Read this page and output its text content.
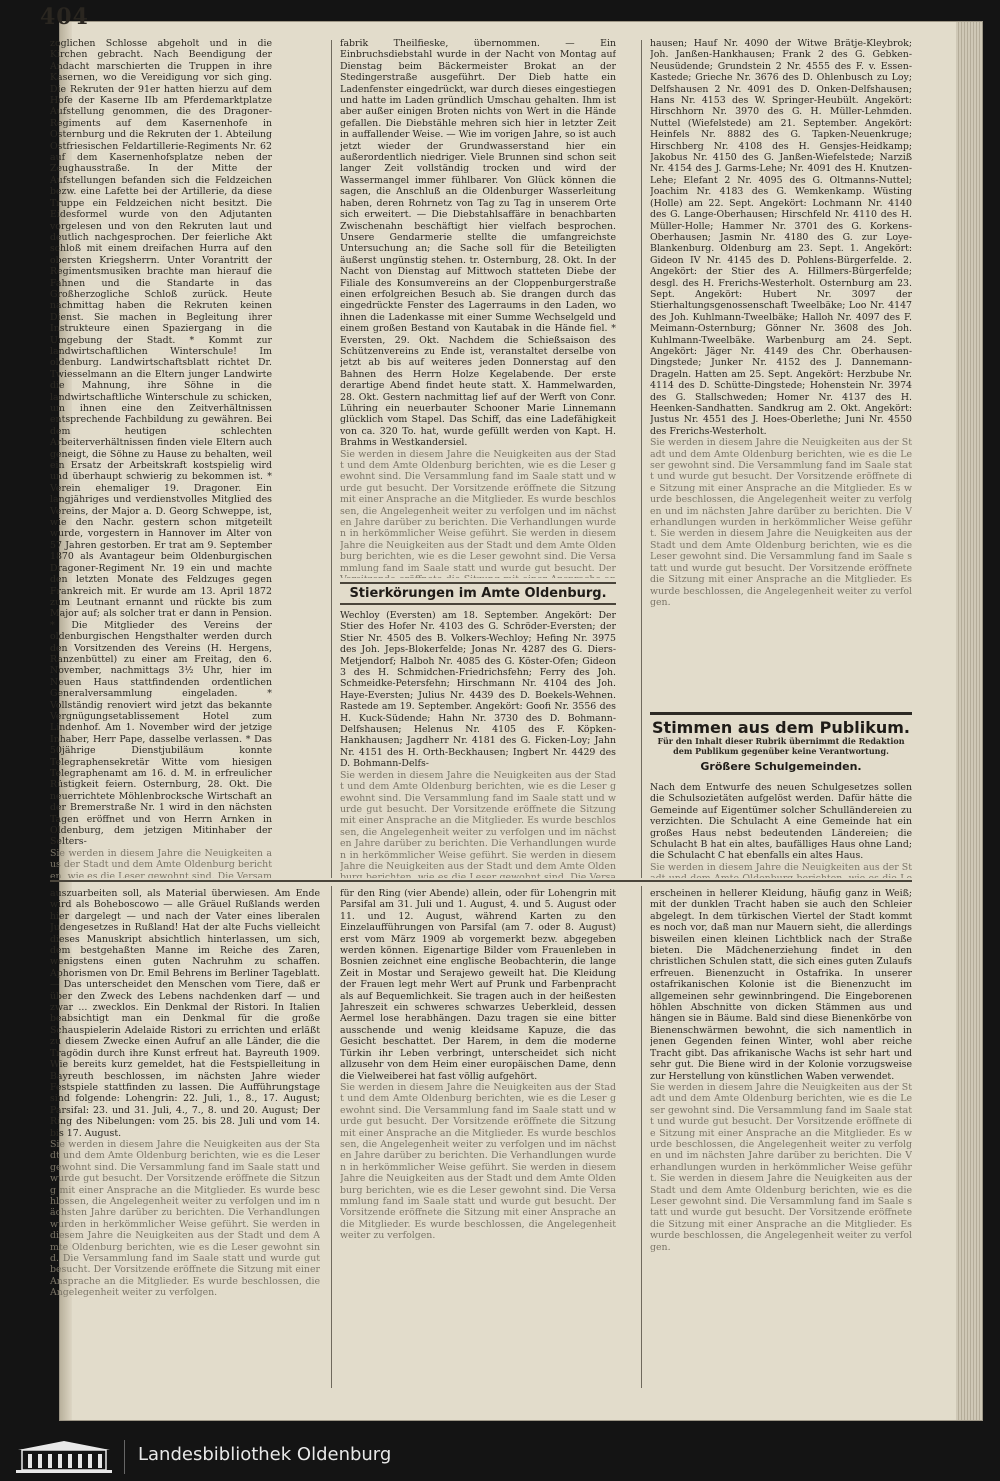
404
zoglichen Schlosse abgeholt und in die Kirchen gebracht. Nach Beendigung der Andacht marschierten die Truppen in ihre Kasernen, wo die Vereidigung vor sich ging. Die Rekruten der 91er hatten hierzu auf dem Hofe der Kaserne IIb am Pferdemarktplatze Aufstellung genommen, die des Dragoner-Regiments auf dem Kasernenhofe in Osternburg und die Rekruten der 1. Abteilung Ostfriesischen Feldartillerie-Regiments Nr. 62 auf dem Kasernenhofsplatze neben der Zeughausstraße. In der Mitte der Aufstellungen befanden sich die Feldzeichen bezw. eine Lafette bei der Artillerie, da diese Truppe ein Feldzeichen nicht besitzt. Die Eidesformel wurde von den Adjutanten vorgelesen und von den Rekruten laut und deutlich nachgesprochen. Der feierliche Akt schloß mit einem dreifachen Hurra auf den obersten Kriegsherrn. Unter Vorantritt der Regimentsmusiken brachte man hierauf die Fahnen und die Standarte in das Großherzogliche Schloß zurück. Heute nachmittag haben die Rekruten keinen Dienst. Sie machen in Begleitung ihrer Instrukteure einen Spaziergang in die Umgebung der Stadt. * Kommt zur landwirtschaftlichen Winterschule! Im oldenburg. Landwirtschaftsblatt richtet Dr. Twiesselmann an die Eltern junger Landwirte die Mahnung, ihre Söhne in die landwirtschaftliche Winterschule zu schicken, um ihnen eine den Zeitverhältnissen entsprechende Fachbildung zu gewähren. Bei dem heutigen schlechten Arbeiterverhältnissen finden viele Eltern auch geneigt, die Söhne zu Hause zu behalten, weil ein Ersatz der Arbeitskraft kostspielig wird und überhaupt schwierig zu bekommen ist. * Verein ehemaliger 19. Dragoner. Ein langjähriges und verdienstvolles Mitglied des Vereins, der Major a. D. Georg Schweppe, ist, wie den Nachr. gestern schon mitgeteilt wurde, vorgestern in Hannover im Alter von 57 Jahren gestorben. Er trat am 9. September 1870 als Avantageur beim Oldenburgischen Dragoner-Regiment Nr. 19 ein und machte den letzten Monate des Feldzuges gegen Frankreich mit. Er wurde am 13. April 1872 zum Leutnant ernannt und rückte bis zum Major auf; als solcher trat er dann in Pension. * Die Mitglieder des Vereins der oldenburgischen Hengsthalter werden durch den Vorsitzenden des Vereins (H. Hergens, Ranzenbüttel) zu einer am Freitag, den 6. November, nachmittags 3½ Uhr, hier im Neuen Haus stattfindenden ordentlichen Generalversammlung eingeladen. * Vollständig renoviert wird jetzt das bekannte Vergnügungsetablissement Hotel zum Lindenhof. Am 1. November wird der jetzige Inhaber, Herr Pape, dasselbe verlassen. * Das 50jährige Dienstjubiläum konnte Telegraphensekretär Witte vom hiesigen Telegraphenamt am 16. d. M. in erfreulicher Rüstigkeit feiern. Osternburg, 28. Okt. Die neuerrichtete Möhlenbrocksche Wirtschaft an der Bremerstraße Nr. 1 wird in den nächsten Tagen eröffnet und von Herrn Arnken in Oldenburg, dem jetzigen Mitinhaber der Selters-
Sie werden in diesem Jahre die Neuigkeiten aus der Stadt und dem Amte Oldenburg berichten, wie es die Leser gewohnt sind. Die Versammlung fand im Saale statt und wurde gut besucht. Der Vorsitzende eröffnete die Sitzung mit einer Ansprache an die Mitglieder. Es wurde beschlossen, die Angelegenheit weiter zu verfolgen und im nächsten Jahre darüber zu berichten. Die Verhandlungen wurden in herkömmlicher Weise geführt. Sie werden in diesem Jahre die Neuigkeiten aus der Stadt und dem Amte Oldenburg berichten, wie es die Leser gewohnt sind. Die Versammlung fand im Saale statt und wurde gut besucht. Der Vorsitzende eröffnete die Sitzung mit einer Ansprache an die Mitglieder. Es wurde beschlossen, die Angelegenheit weiter zu verfolgen.
fabrik Theilfieske, übernommen. — Ein Einbruchsdiebstahl wurde in der Nacht von Montag auf Dienstag beim Bäckermeister Brokat an der Stedingerstraße ausgeführt. Der Dieb hatte ein Ladenfenster eingedrückt, war durch dieses eingestiegen und hatte im Laden gründlich Umschau gehalten. Ihm ist aber außer einigen Broten nichts von Wert in die Hände gefallen. Die Diebstähle mehren sich hier in letzter Zeit in auffallender Weise. — Wie im vorigen Jahre, so ist auch jetzt wieder der Grundwasserstand hier ein außerordentlich niedriger. Viele Brunnen sind schon seit langer Zeit vollständig trocken und wird der Wassermangel immer fühlbarer. Von Glück können die sagen, die Anschluß an die Oldenburger Wasserleitung haben, deren Rohrnetz von Tag zu Tag in unserem Orte sich erweitert. — Die Diebstahlsaffäre in benachbarten Zwischenahn beschäftigt hier vielfach besprochen. Unsere Gendarmerie stellte die umfangreichste Untersuchung an; die Sache soll für die Beteiligten äußerst ungünstig stehen. tr. Osternburg, 28. Okt. In der Nacht von Dienstag auf Mittwoch statteten Diebe der Filiale des Konsumvereins an der Cloppenburgerstraße einen erfolgreichen Besuch ab. Sie drangen durch das eingedrückte Fenster des Lagerraums in den Laden, wo ihnen die Ladenkasse mit einer Summe Wechselgeld und einem großen Bestand von Kautabak in die Hände fiel. * Eversten, 29. Okt. Nachdem die Schießsaison des Schützenvereins zu Ende ist, veranstaltet derselbe von jetzt ab bis auf weiteres jeden Donnerstag auf den Bahnen des Herrn Holze Kegelabende. Der erste derartige Abend findet heute statt. X. Hammelwarden, 28. Okt. Gestern nachmittag lief auf der Werft von Conr. Lühring ein neuerbauter Schooner Marie Linnemann glücklich vom Stapel. Das Schiff, das eine Ladefähigkeit von ca. 320 To. hat, wurde gefüllt werden von Kapt. H. Brahms in Westkandersiel.
Sie werden in diesem Jahre die Neuigkeiten aus der Stadt und dem Amte Oldenburg berichten, wie es die Leser gewohnt sind. Die Versammlung fand im Saale statt und wurde gut besucht. Der Vorsitzende eröffnete die Sitzung mit einer Ansprache an die Mitglieder. Es wurde beschlossen, die Angelegenheit weiter zu verfolgen und im nächsten Jahre darüber zu berichten. Die Verhandlungen wurden in herkömmlicher Weise geführt. Sie werden in diesem Jahre die Neuigkeiten aus der Stadt und dem Amte Oldenburg berichten, wie es die Leser gewohnt sind. Die Versammlung fand im Saale statt und wurde gut besucht. Der Vorsitzende eröffnete die Sitzung mit einer Ansprache an die Mitglieder. Es wurde beschlossen, die Angelegenheit weiter zu verfolgen.
hausen; Hauf Nr. 4090 der Witwe Brätje-Kleybrok; Joh. Janßen-Hankhausen; Frank 2 des G. Gebken-Neusüdende; Grundstein 2 Nr. 4555 des F. v. Essen-Kastede; Grieche Nr. 3676 des D. Ohlenbusch zu Loy; Delfshausen 2 Nr. 4091 des D. Onken-Delfshausen; Hans Nr. 4153 des W. Springer-Heubült. Angekört: Hirschhorn Nr. 3970 des G. H. Müller-Lehmden. Nuttel (Wiefelstede) am 21. September. Angekört: Heinfels Nr. 8882 des G. Tapken-Neuenkruge; Hirschberg Nr. 4108 des H. Gensjes-Heidkamp; Jakobus Nr. 4150 des G. Janßen-Wiefelstede; Narziß Nr. 4154 des J. Garms-Lehe; Nr. 4091 des H. Knutzen-Lehe; Elefant 2 Nr. 4095 des G. Oltmanns-Nuttel; Joachim Nr. 4183 des G. Wemkenkamp. Wüsting (Holle) am 22. Sept. Angekört: Lochmann Nr. 4140 des G. Lange-Oberhausen; Hirschfeld Nr. 4110 des H. Müller-Holle; Hammer Nr. 3701 des G. Korkens-Oberhausen; Jasmin Nr. 4180 des G. zur Loye-Blankenburg. Oldenburg am 23. Sept. 1. Angekört: Gideon IV Nr. 4145 des D. Pohlens-Bürgerfelde. 2. Angekört: der Stier des A. Hillmers-Bürgerfelde; desgl. des H. Frerichs-Westerholt. Osternburg am 23. Sept. Angekört: Hubert Nr. 3097 der Stierhaltungsgenossenschaft Tweelbäke; Loo Nr. 4147 des Joh. Kuhlmann-Tweelbäke; Halloh Nr. 4097 des F. Meimann-Osternburg; Gönner Nr. 3608 des Joh. Kuhlmann-Tweelbäke. Warbenburg am 24. Sept. Angekört: Jäger Nr. 4149 des Chr. Oberhausen-Dingstede; Junker Nr. 4152 des J. Dannemann-Drageln. Hatten am 25. Sept. Angekört: Herzbube Nr. 4114 des D. Schütte-Dingstede; Hohenstein Nr. 3974 des G. Stallschweden; Homer Nr. 4137 des H. Heenken-Sandhatten. Sandkrug am 2. Okt. Angekört: Justus Nr. 4551 des J. Hoes-Oberlethe; Juni Nr. 4550 des Frerichs-Westerholt.
Sie werden in diesem Jahre die Neuigkeiten aus der Stadt und dem Amte Oldenburg berichten, wie es die Leser gewohnt sind. Die Versammlung fand im Saale statt und wurde gut besucht. Der Vorsitzende eröffnete die Sitzung mit einer Ansprache an die Mitglieder. Es wurde beschlossen, die Angelegenheit weiter zu verfolgen und im nächsten Jahre darüber zu berichten. Die Verhandlungen wurden in herkömmlicher Weise geführt. Sie werden in diesem Jahre die Neuigkeiten aus der Stadt und dem Amte Oldenburg berichten, wie es die Leser gewohnt sind. Die Versammlung fand im Saale statt und wurde gut besucht. Der Vorsitzende eröffnete die Sitzung mit einer Ansprache an die Mitglieder. Es wurde beschlossen, die Angelegenheit weiter zu verfolgen.
Stierkörungen im Amte Oldenburg.
Wechloy (Eversten) am 18. September. Angekört: Der Stier des Hofer Nr. 4103 des G. Schröder-Eversten; der Stier Nr. 4505 des B. Volkers-Wechloy; Hefing Nr. 3975 des Joh. Jeps-Blokerfelde; Jonas Nr. 4287 des G. Diers-Metjendorf; Halboh Nr. 4085 des G. Köster-Ofen; Gideon 3 des H. Schmidchen-Friedrichsfehn; Ferry des Joh. Schmeidke-Petersfehn; Hirschmann Nr. 4104 des Joh. Haye-Eversten; Julius Nr. 4439 des D. Boekels-Wehnen. Rastede am 19. September. Angekört: Goofi Nr. 3556 des H. Kuck-Südende; Hahn Nr. 3730 des D. Bohmann-Delfshausen; Helenus Nr. 4105 des F. Köpken-Hankhausen; Jagdherr Nr. 4181 des G. Ficken-Loy; Jahn Nr. 4151 des H. Orth-Beckhausen; Ingbert Nr. 4429 des D. Bohmann-Delfs-
Sie werden in diesem Jahre die Neuigkeiten aus der Stadt und dem Amte Oldenburg berichten, wie es die Leser gewohnt sind. Die Versammlung fand im Saale statt und wurde gut besucht. Der Vorsitzende eröffnete die Sitzung mit einer Ansprache an die Mitglieder. Es wurde beschlossen, die Angelegenheit weiter zu verfolgen und im nächsten Jahre darüber zu berichten. Die Verhandlungen wurden in herkömmlicher Weise geführt. Sie werden in diesem Jahre die Neuigkeiten aus der Stadt und dem Amte Oldenburg berichten, wie es die Leser gewohnt sind. Die Versammlung fand im Saale statt und wurde gut besucht. Der Vorsitzende eröffnete die Sitzung mit einer Ansprache an die Mitglieder. Es wurde beschlossen, die Angelegenheit weiter zu verfolgen.
Stimmen aus dem Publikum.
Für den Inhalt dieser Rubrik übernimmt die Redaktion dem Publikum gegenüber keine Verantwortung.
Größere Schulgemeinden.
Nach dem Entwurfe des neuen Schulgesetzes sollen die Schulsozietäten aufgelöst werden. Dafür hätte die Gemeinde auf Eigentümer solcher Schulländereien zu verzichten. Die Schulacht A eine Gemeinde hat ein großes Haus nebst bedeutenden Ländereien; die Schulacht B hat ein altes, baufälliges Haus ohne Land; die Schulacht C hat ebenfalls ein altes Haus.
Sie werden in diesem Jahre die Neuigkeiten aus der Stadt und dem Amte Oldenburg berichten, wie es die Leser gewohnt sind. Die Versammlung fand im Saale statt und wurde gut besucht. Der Vorsitzende eröffnete die Sitzung mit einer Ansprache an die Mitglieder. Es wurde beschlossen, die Angelegenheit weiter zu verfolgen und im nächsten Jahre darüber zu berichten. Die Verhandlungen wurden in herkömmlicher Weise geführt. Sie werden in diesem Jahre die Neuigkeiten aus der Stadt und dem Amte Oldenburg berichten, wie es die Leser gewohnt sind. Die Versammlung fand im Saale statt und wurde gut besucht. Der Vorsitzende eröffnete die Sitzung mit einer Ansprache an die Mitglieder. Es wurde beschlossen, die Angelegenheit weiter zu verfolgen.
auszuarbeiten soll, als Material überwiesen. Am Ende wird als Boheboscowo — alle Gräuel Rußlands werden hier dargelegt — und nach der Vater eines liberalen Judengesetzes in Rußland! Hat der alte Fuchs vielleicht dieses Manuskript absichtlich hinterlassen, um sich, dem bestgehaßten Manne im Reiche des Zaren, wenigstens einen guten Nachruhm zu schaffen. Aphorismen von Dr. Emil Behrens im Berliner Tageblatt. — Das unterscheidet den Menschen vom Tiere, daß er über den Zweck des Lebens nachdenken darf — und zwar ... zwecklos. Ein Denkmal der Ristori. In Italien beabsichtigt man ein Denkmal für die große Schauspielerin Adelaide Ristori zu errichten und erläßt zu diesem Zwecke einen Aufruf an alle Länder, die die Tragödin durch ihre Kunst erfreut hat. Bayreuth 1909. Wie bereits kurz gemeldet, hat die Festspielleitung in Bayreuth beschlossen, im nächsten Jahre wieder Festspiele stattfinden zu lassen. Die Aufführungstage sind folgende: Lohengrin: 22. Juli, 1., 8., 17. August; Parsifal: 23. und 31. Juli, 4., 7., 8. und 20. August; Der Ring des Nibelungen: vom 25. bis 28. Juli und vom 14. bis 17. August.
Sie werden in diesem Jahre die Neuigkeiten aus der Stadt und dem Amte Oldenburg berichten, wie es die Leser gewohnt sind. Die Versammlung fand im Saale statt und wurde gut besucht. Der Vorsitzende eröffnete die Sitzung mit einer Ansprache an die Mitglieder. Es wurde beschlossen, die Angelegenheit weiter zu verfolgen und im nächsten Jahre darüber zu berichten. Die Verhandlungen wurden in herkömmlicher Weise geführt. Sie werden in diesem Jahre die Neuigkeiten aus der Stadt und dem Amte Oldenburg berichten, wie es die Leser gewohnt sind. Die Versammlung fand im Saale statt und wurde gut besucht. Der Vorsitzende eröffnete die Sitzung mit einer Ansprache an die Mitglieder. Es wurde beschlossen, die Angelegenheit weiter zu verfolgen.
für den Ring (vier Abende) allein, oder für Lohengrin mit Parsifal am 31. Juli und 1. August, 4. und 5. August oder 11. und 12. August, während Karten zu den Einzelaufführungen von Parsifal (am 7. oder 8. August) erst vom März 1909 ab vorgemerkt bezw. abgegeben werden können. Eigenartige Bilder vom Frauenleben in Bosnien zeichnet eine englische Beobachterin, die lange Zeit in Mostar und Serajewo geweilt hat. Die Kleidung der Frauen legt mehr Wert auf Prunk und Farbenpracht als auf Bequemlichkeit. Sie tragen auch in der heißesten Jahreszeit ein schweres schwarzes Ueberkleid, dessen Aermel lose herabhängen. Dazu tragen sie eine bitter ausschende und wenig kleidsame Kapuze, die das Gesicht beschattet. Der Harem, in dem die moderne Türkin ihr Leben verbringt, unterscheidet sich nicht allzusehr von dem Heim einer europäischen Dame, denn die Vielweiberei hat fast völlig aufgehört.
Sie werden in diesem Jahre die Neuigkeiten aus der Stadt und dem Amte Oldenburg berichten, wie es die Leser gewohnt sind. Die Versammlung fand im Saale statt und wurde gut besucht. Der Vorsitzende eröffnete die Sitzung mit einer Ansprache an die Mitglieder. Es wurde beschlossen, die Angelegenheit weiter zu verfolgen und im nächsten Jahre darüber zu berichten. Die Verhandlungen wurden in herkömmlicher Weise geführt. Sie werden in diesem Jahre die Neuigkeiten aus der Stadt und dem Amte Oldenburg berichten, wie es die Leser gewohnt sind. Die Versammlung fand im Saale statt und wurde gut besucht. Der Vorsitzende eröffnete die Sitzung mit einer Ansprache an die Mitglieder. Es wurde beschlossen, die Angelegenheit weiter zu verfolgen.
erscheinen in hellerer Kleidung, häufig ganz in Weiß; mit der dunklen Tracht haben sie auch den Schleier abgelegt. In dem türkischen Viertel der Stadt kommt es noch vor, daß man nur Mauern sieht, die allerdings bisweilen einen kleinen Lichtblick nach der Straße bieten. Die Mädchenerziehung findet in den christlichen Schulen statt, die sich eines guten Zulaufs erfreuen. Bienenzucht in Ostafrika. In unserer ostafrikanischen Kolonie ist die Bienenzucht im allgemeinen sehr gewinnbringend. Die Eingeborenen höhlen Abschnitte von dicken Stämmen aus und hängen sie in Bäume. Bald sind diese Bienenkörbe von Bienenschwärmen bewohnt, die sich namentlich in jenen Gegenden feinen Winter, wohl aber reiche Tracht gibt. Das afrikanische Wachs ist sehr hart und sehr gut. Die Biene wird in der Kolonie vorzugsweise zur Herstellung von künstlichen Waben verwendet.
Sie werden in diesem Jahre die Neuigkeiten aus der Stadt und dem Amte Oldenburg berichten, wie es die Leser gewohnt sind. Die Versammlung fand im Saale statt und wurde gut besucht. Der Vorsitzende eröffnete die Sitzung mit einer Ansprache an die Mitglieder. Es wurde beschlossen, die Angelegenheit weiter zu verfolgen und im nächsten Jahre darüber zu berichten. Die Verhandlungen wurden in herkömmlicher Weise geführt. Sie werden in diesem Jahre die Neuigkeiten aus der Stadt und dem Amte Oldenburg berichten, wie es die Leser gewohnt sind. Die Versammlung fand im Saale statt und wurde gut besucht. Der Vorsitzende eröffnete die Sitzung mit einer Ansprache an die Mitglieder. Es wurde beschlossen, die Angelegenheit weiter zu verfolgen.
Landesbibliothek Oldenburg
